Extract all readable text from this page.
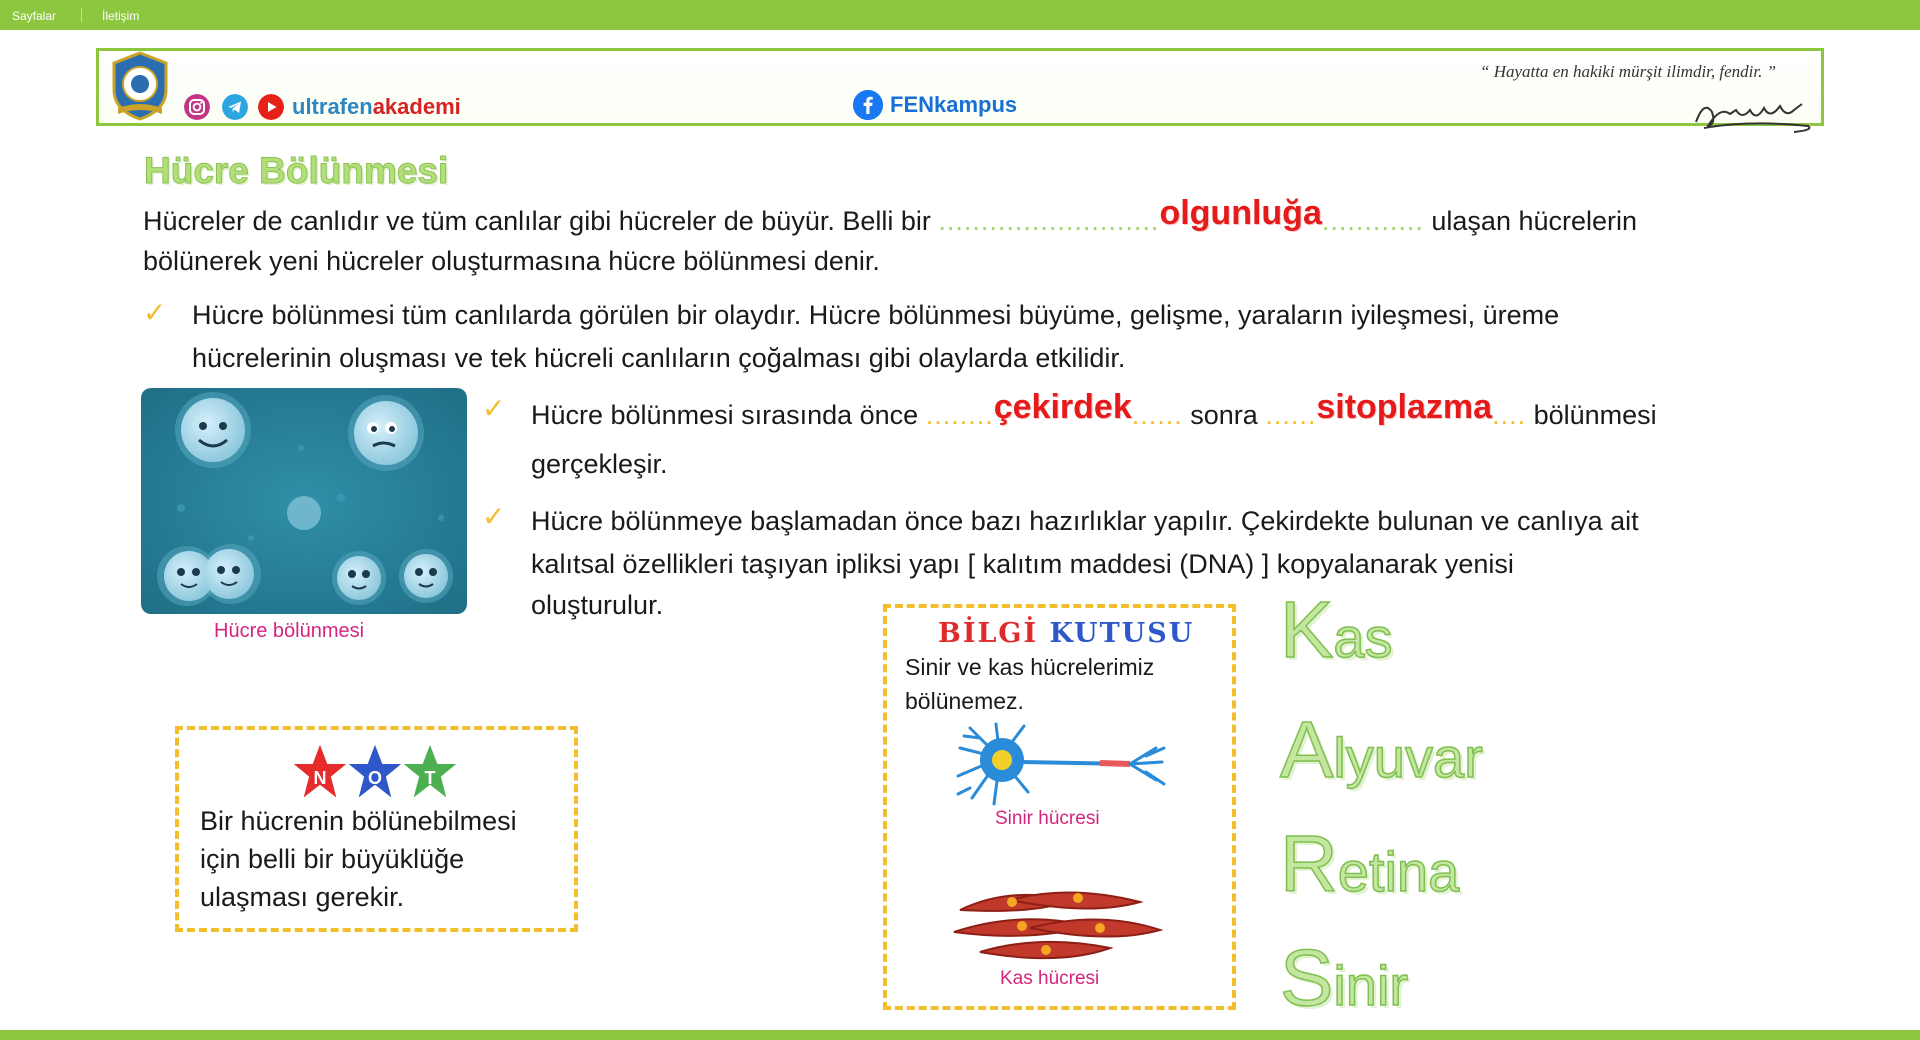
Sayfalar	İletişim
ultrafenakademi	FENkampus
“ Hayatta en hakiki mürşit ilimdir, fendir. ”
Hücre Bölünmesi

Hücreler de canlıdır ve tüm canlılar gibi hücreler de büyür. Belli bir ..........................olgunluğa............ ulaşan hücrelerin

bölünerek yeni hücreler oluşturmasına hücre bölünmesi denir.

✓ Hücre bölünmesi tüm canlılarda görülen bir olaydır. Hücre bölünmesi büyüme, gelişme, yaraların iyileşmesi, üreme

hücrelerinin oluşması ve tek hücreli canlıların çoğalması gibi olaylarda etkilidir.

Hücre bölünmesi
✓ Hücre bölünmesi sırasında önce ........çekirdek...... sonra ......sitoplazma.... bölünmesi

gerçekleşir.

✓ Hücre bölünmeye başlamadan önce bazı hazırlıklar yapılır. Çekirdekte bulunan ve canlıya ait

kalıtsal özellikleri taşıyan ipliksi yapı [ kalıtım maddesi (DNA) ] kopyalanarak yenisi

oluşturulur.

N O T
Bir hücrenin bölünebilmesi
için belli bir büyüklüğe
ulaşması gerekir.
BİLGİ KUTUSU
Sinir ve kas hücrelerimiz
bölünemez.
Sinir hücresi
Kas hücresi
Kas
Alyuvar
Retina
Sinir
